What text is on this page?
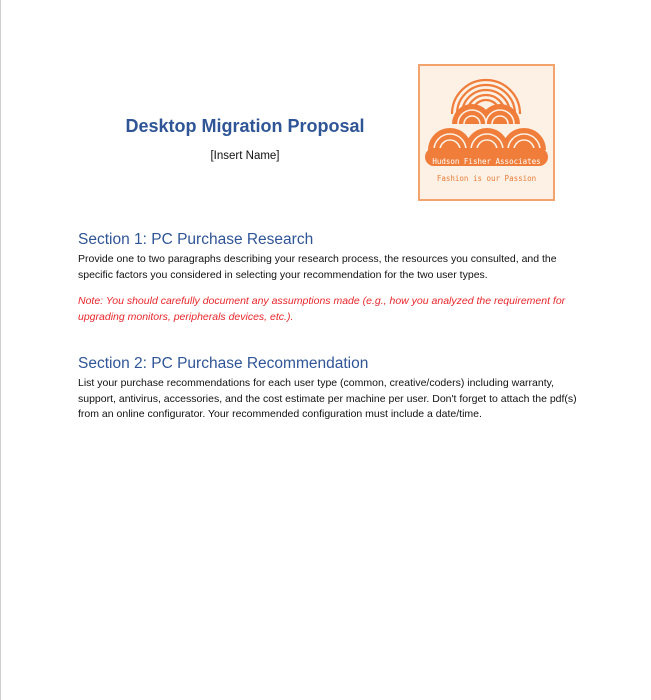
Desktop Migration Proposal
[Insert Name]	Hudson Fisher Associates
Fashion is our Passion
Section 1: PC Purchase Research

Provide one to two paragraphs describing your research process, the resources you consulted, and the specific factors you considered in selecting your recommendation for the two user types.

Note: You should carefully document any assumptions made (e.g., how you analyzed the requirement for upgrading monitors, peripherals devices, etc.).

Section 2: PC Purchase Recommendation

List your purchase recommendations for each user type (common, creative/coders) including warranty, support, antivirus, accessories, and the cost estimate per machine per user. Don't forget to attach the pdf(s) from an online configurator. Your recommended configuration must include a date/time.
